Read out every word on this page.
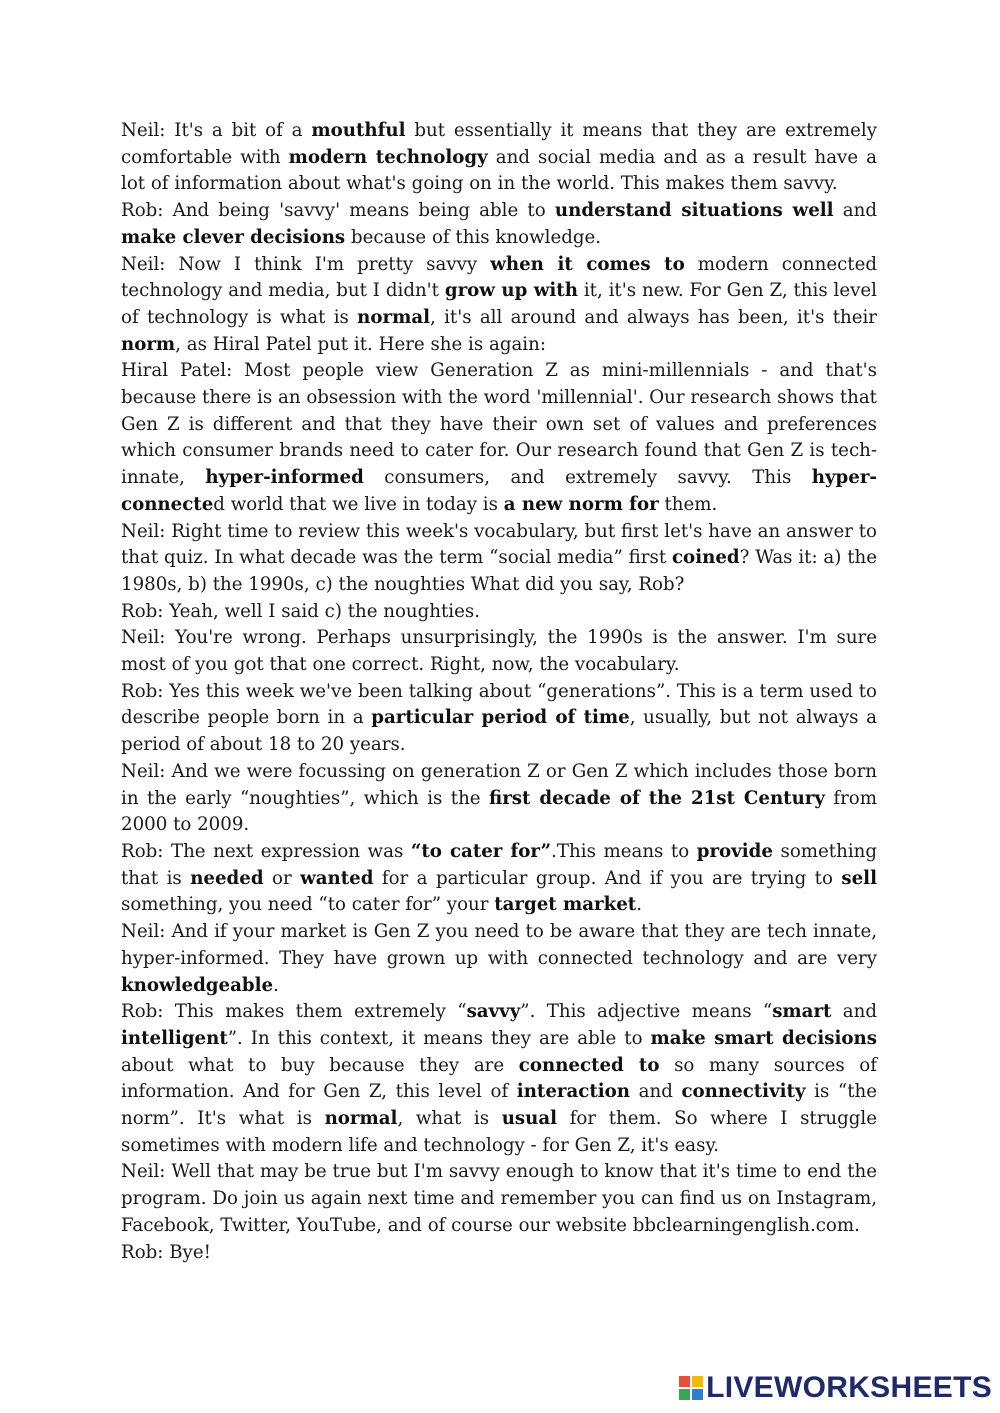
Neil: It's a bit of a mouthful but essentially it means that they are extremely comfortable with modern technology and social media and as a result have a lot of information about what's going on in the world. This makes them savvy.

Rob: And being 'savvy' means being able to understand situations well and make clever decisions because of this knowledge.

Neil: Now I think I'm pretty savvy when it comes to modern connected technology and media, but I didn't grow up with it, it's new. For Gen Z, this level of technology is what is normal, it's all around and always has been, it's their norm, as Hiral Patel put it. Here she is again:

Hiral Patel: Most people view Generation Z as mini-millennials - and that's because there is an obsession with the word 'millennial'. Our research shows that Gen Z is different and that they have their own set of values and preferences which consumer brands need to cater for. Our research found that Gen Z is tech-innate, hyper-informed consumers, and extremely savvy. This hyper-connected world that we live in today is a new norm for them.

Neil: Right time to review this week's vocabulary, but first let's have an answer to that quiz. In what decade was the term “social media” first coined? Was it: a) the 1980s, b) the 1990s, c) the noughties What did you say, Rob?

Rob: Yeah, well I said c) the noughties.

Neil: You're wrong. Perhaps unsurprisingly, the 1990s is the answer. I'm sure most of you got that one correct. Right, now, the vocabulary.

Rob: Yes this week we've been talking about “generations”. This is a term used to describe people born in a particular period of time, usually, but not always a period of about 18 to 20 years.

Neil: And we were focussing on generation Z or Gen Z which includes those born in the early “noughties”, which is the first decade of the 21st Century from 2000 to 2009.

Rob: The next expression was “to cater for”.This means to provide something that is needed or wanted for a particular group. And if you are trying to sell something, you need “to cater for” your target market.

Neil: And if your market is Gen Z you need to be aware that they are tech innate, hyper-informed. They have grown up with connected technology and are very knowledgeable.

Rob: This makes them extremely “savvy”. This adjective means “smart and intelligent”. In this context, it means they are able to make smart decisions about what to buy because they are connected to so many sources of information. And for Gen Z, this level of interaction and connectivity is “the norm”. It's what is normal, what is usual for them. So where I struggle sometimes with modern life and technology - for Gen Z, it's easy.

Neil: Well that may be true but I'm savvy enough to know that it's time to end the program. Do join us again next time and remember you can find us on Instagram, Facebook, Twitter, YouTube, and of course our website bbclearningenglish.com.

Rob: Bye!

LIVEWORKSHEETS
